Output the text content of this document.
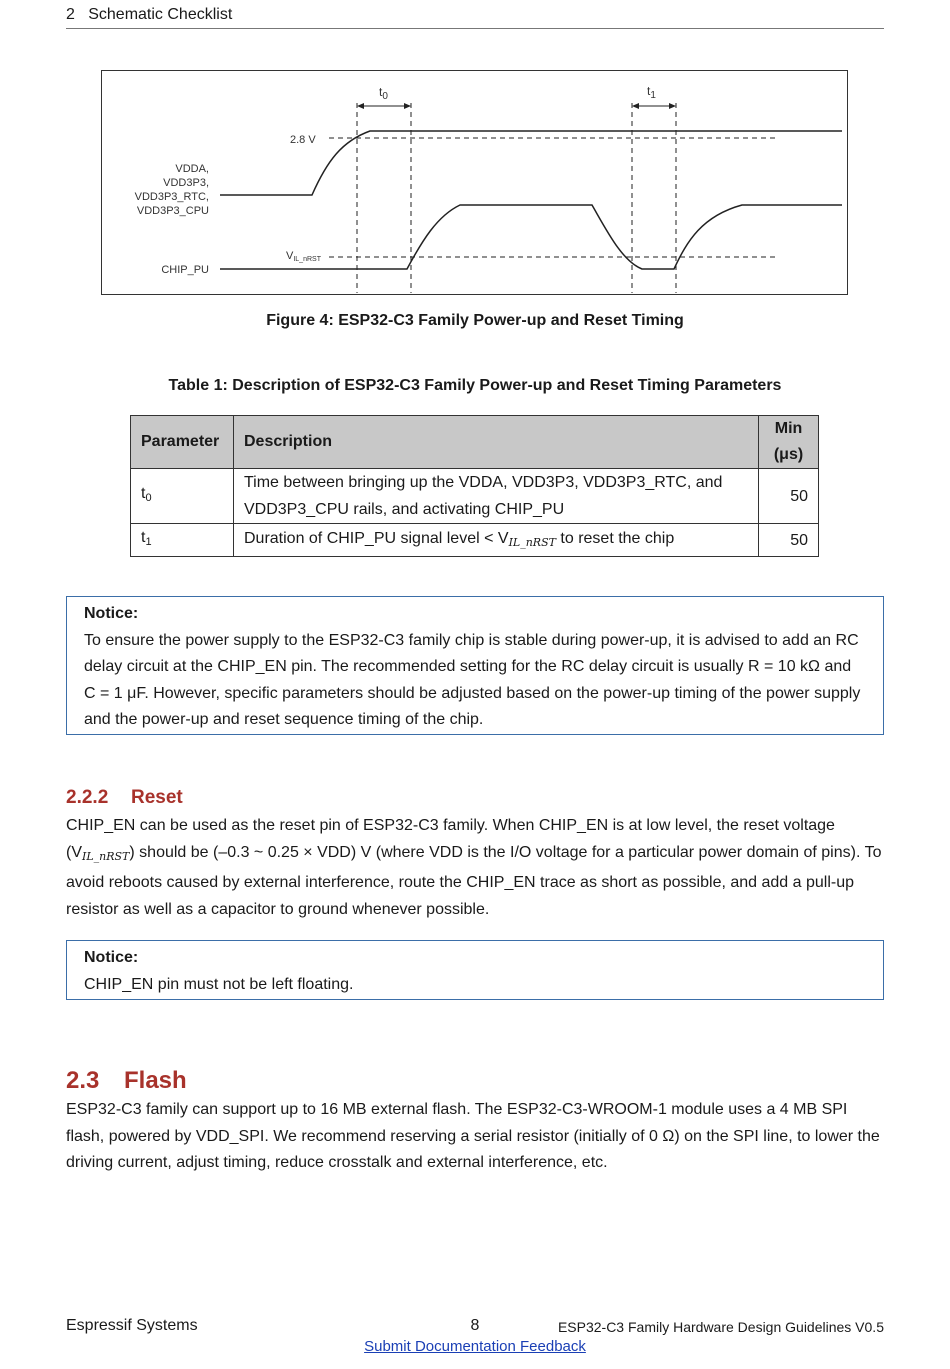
2   Schematic Checklist
$t_0$	$t_1$
2.8 V
VIL_nRST
VDDA,
VDD3P3,
VDD3P3_RTC,
VDD3P3_CPU
CHIP_PU
Figure 4: ESP32-C3 Family Power-up and Reset Timing
Table 1: Description of ESP32-C3 Family Power-up and Reset Timing Parameters
Parameter	Description	Min
(μs)
$t_0$	Time between bringing up the VDDA, VDD3P3, VDD3P3_RTC, and
VDD3P3_CPU rails, and activating CHIP_PU	50
$t_1$	Duration of CHIP_PU signal level < VIL_nRST to reset the chip	50
Notice:
To ensure the power supply to the ESP32-C3 family chip is stable during power-up, it is advised to add an RC delay circuit at the CHIP_EN pin. The recommended setting for the RC delay circuit is usually R = 10 kΩ and C = 1 μF. However, specific parameters should be adjusted based on the power-up timing of the power supply and the power-up and reset sequence timing of the chip.
2.2.2 Reset
CHIP_EN can be used as the reset pin of ESP32-C3 family. When CHIP_EN is at low level, the reset voltage (VIL_nRST) should be (–0.3 ~ 0.25 × VDD) V (where VDD is the I/O voltage for a particular power domain of pins). To avoid reboots caused by external interference, route the CHIP_EN trace as short as possible, and add a pull-up resistor as well as a capacitor to ground whenever possible.
Notice:
CHIP_EN pin must not be left floating.
2.3 Flash
ESP32-C3 family can support up to 16 MB external flash. The ESP32-C3-WROOM-1 module uses a 4 MB SPI flash, powered by VDD_SPI. We recommend reserving a serial resistor (initially of 0 Ω) on the SPI line, to lower the driving current, adjust timing, reduce crosstalk and external interference, etc.
Espressif Systems	8	ESP32-C3 Family Hardware Design Guidelines V0.5
Submit Documentation Feedback
